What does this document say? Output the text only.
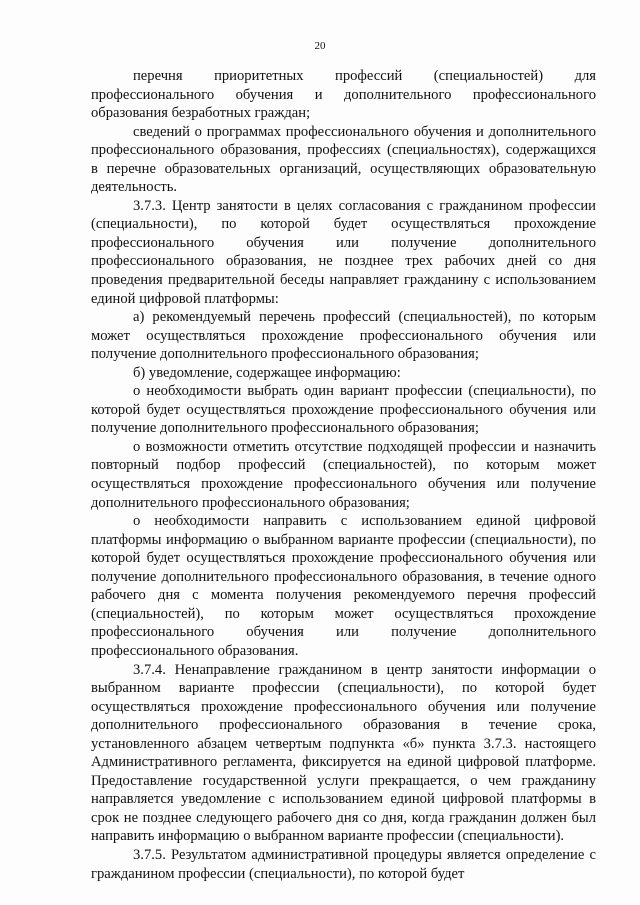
20

перечня приоритетных профессий (специальностей) для профессионального обучения и дополнительного профессионального образования безработных граждан;

сведений о программах профессионального обучения и дополнительного профессионального образования, профессиях (специальностях), содержащихся в перечне образовательных организаций, осуществляющих образовательную деятельность.

3.7.3. Центр занятости в целях согласования с гражданином профессии (специальности), по которой будет осуществляться прохождение профессионального обучения или получение дополнительного профессионального образования, не позднее трех рабочих дней со дня проведения предварительной беседы направляет гражданину с использованием единой цифровой платформы:

а) рекомендуемый перечень профессий (специальностей), по которым может осуществляться прохождение профессионального обучения или получение дополнительного профессионального образования;

б) уведомление, содержащее информацию:

о необходимости выбрать один вариант профессии (специальности), по которой будет осуществляться прохождение профессионального обучения или получение дополнительного профессионального образования;

о возможности отметить отсутствие подходящей профессии и назначить повторный подбор профессий (специальностей), по которым может осуществляться прохождение профессионального обучения или получение дополнительного профессионального образования;

о необходимости направить с использованием единой цифровой платформы информацию о выбранном варианте профессии (специальности), по которой будет осуществляться прохождение профессионального обучения или получение дополнительного профессионального образования, в течение одного рабочего дня с момента получения рекомендуемого перечня профессий (специальностей), по которым может осуществляться прохождение профессионального обучения или получение дополнительного профессионального образования.

3.7.4. Ненаправление гражданином в центр занятости информации о выбранном варианте профессии (специальности), по которой будет осуществляться прохождение профессионального обучения или получение дополнительного профессионального образования в течение срока, установленного абзацем четвертым подпункта «б» пункта 3.7.3. настоящего Административного регламента, фиксируется на единой цифровой платформе. Предоставление государственной услуги прекращается, о чем гражданину направляется уведомление с использованием единой цифровой платформы в срок не позднее следующего рабочего дня со дня, когда гражданин должен был направить информацию о выбранном варианте профессии (специальности).

3.7.5. Результатом административной процедуры является определение с гражданином профессии (специальности), по которой будет
